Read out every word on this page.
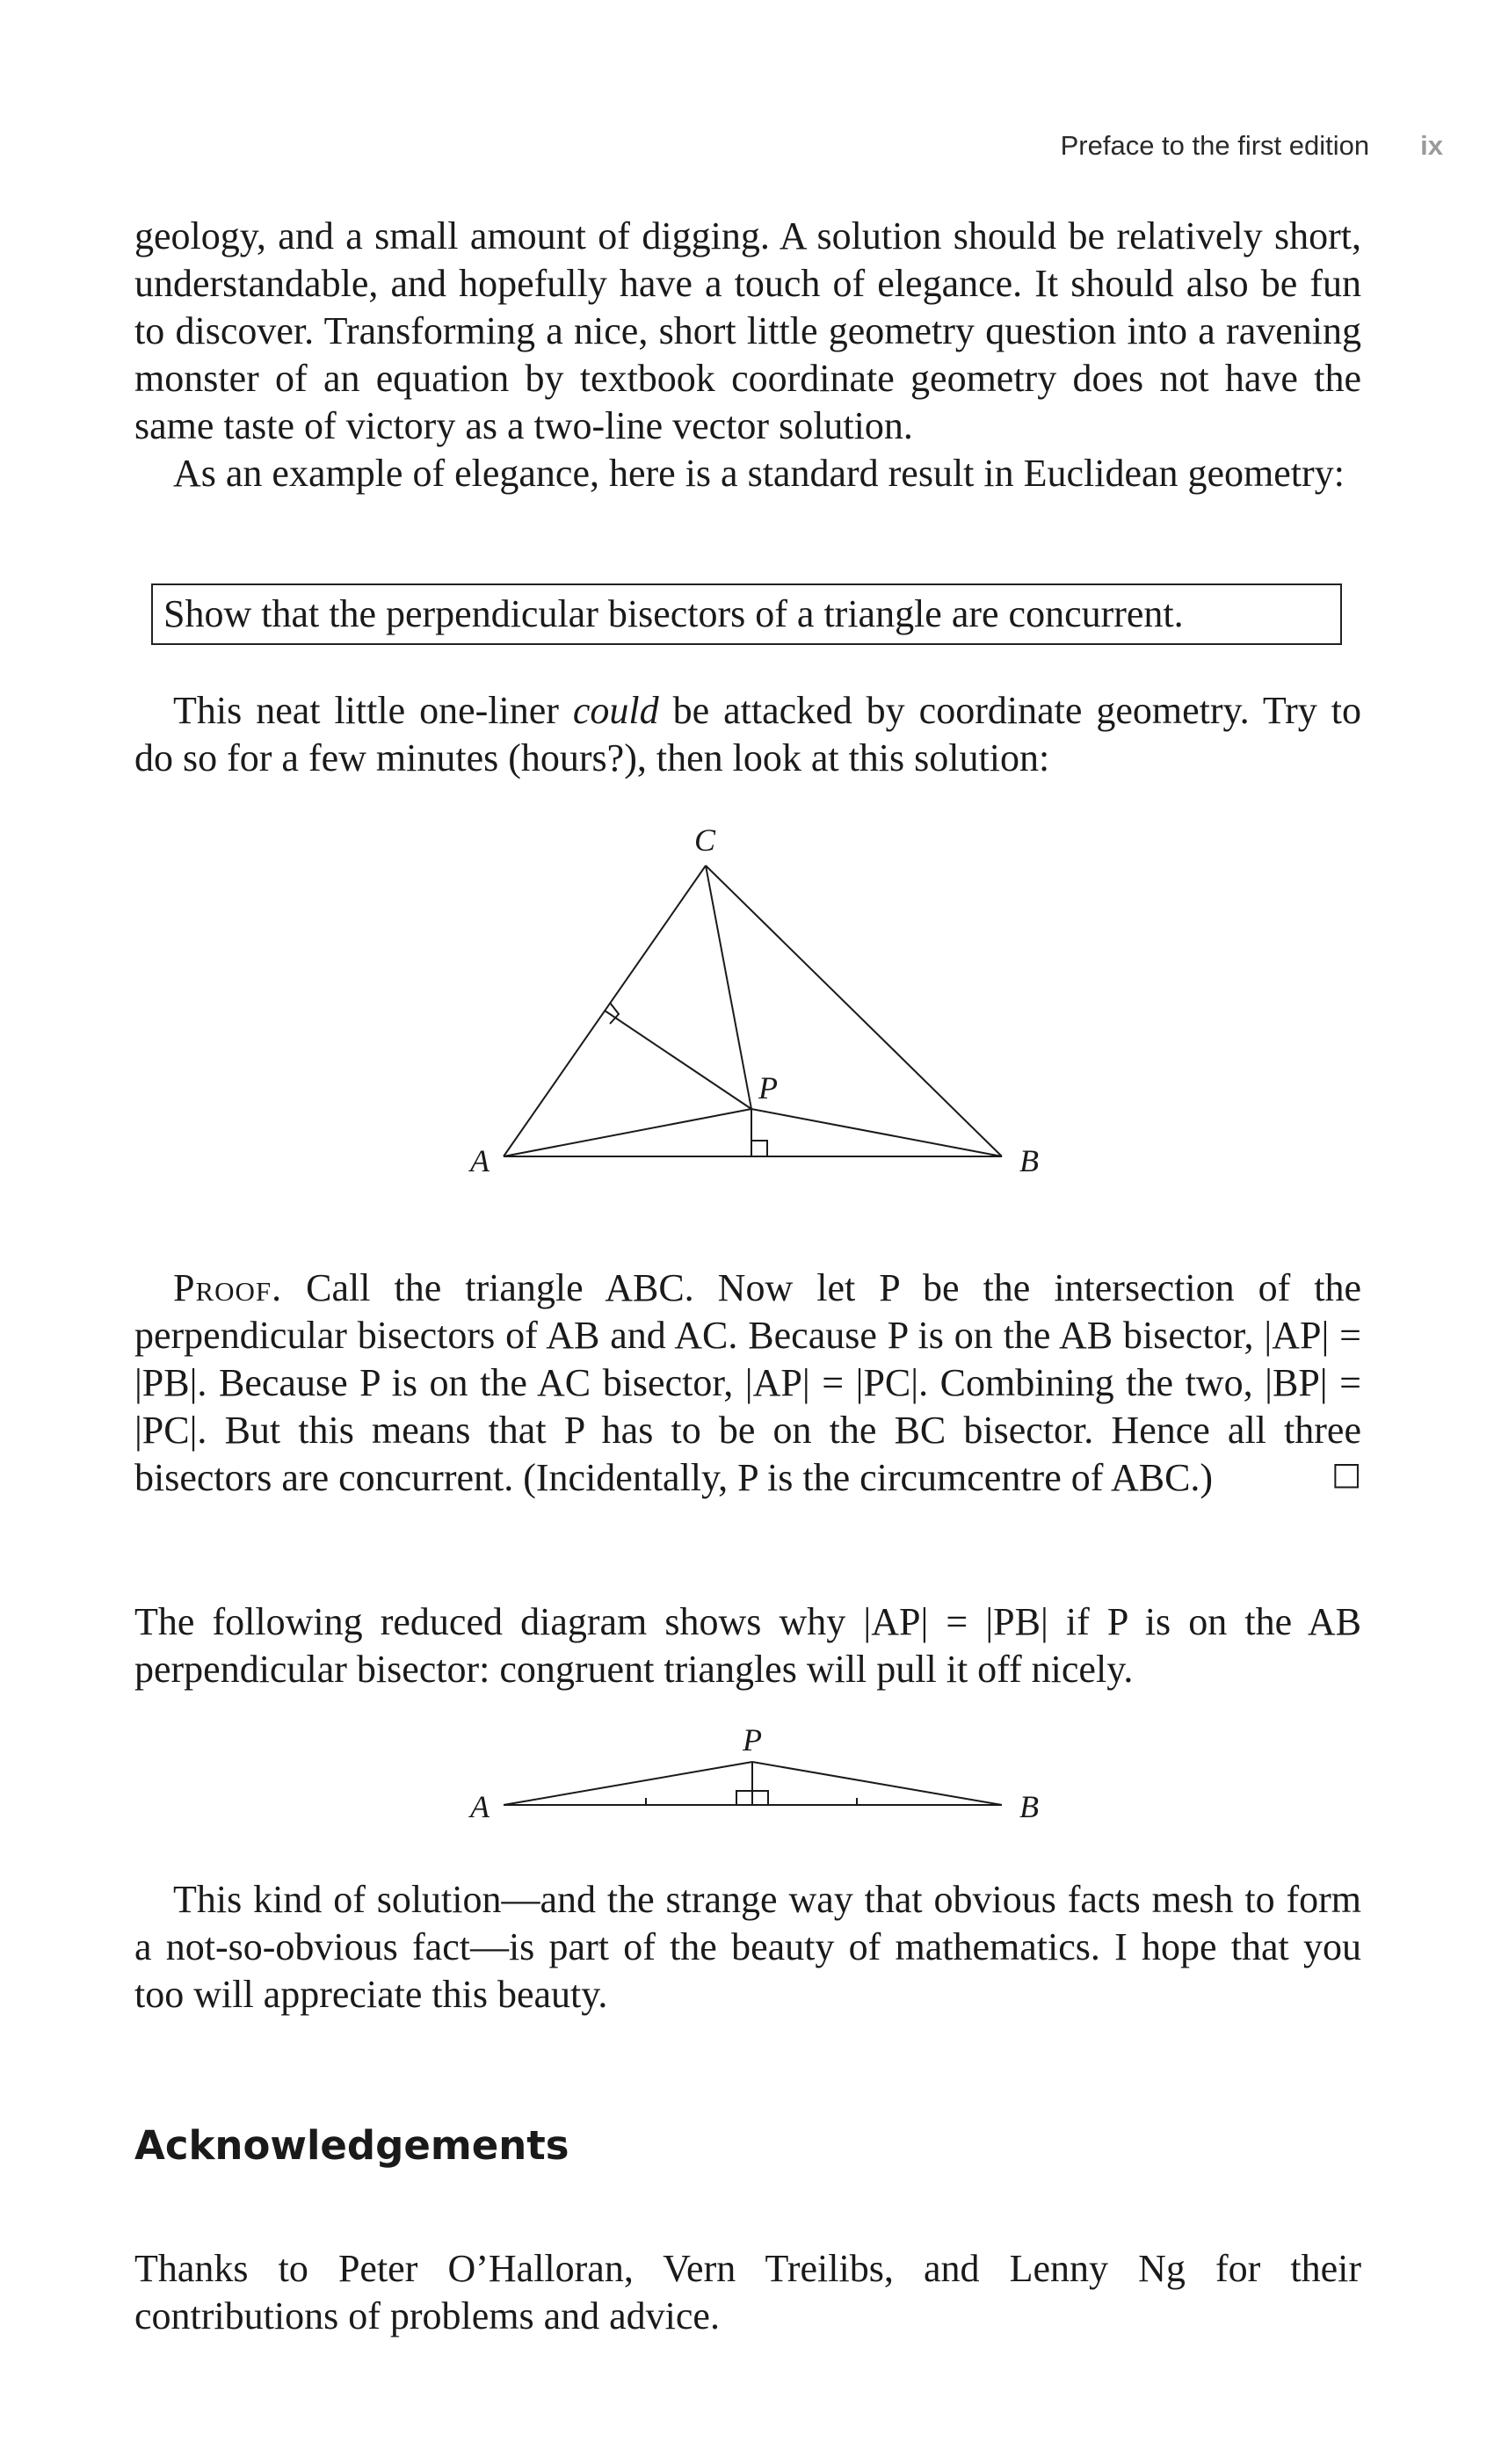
Preface to the first edition ix

geology, and a small amount of digging. A solution should be relatively short, understandable, and hopefully have a touch of elegance. It should also be fun to discover. Transforming a nice, short little geometry question into a ravening monster of an equation by textbook coordinate geometry does not have the same taste of victory as a two-line vector solution.

As an example of elegance, here is a standard result in Euclidean geometry:

Show that the perpendicular bisectors of a triangle are concurrent.

This neat little one-liner could be attacked by coordinate geometry. Try to do so for a few minutes (hours?), then look at this solution:

C
A	B
P

Proof. Call the triangle ABC. Now let P be the intersection of the perpendicular bisectors of AB and AC. Because P is on the AB bisector, |AP| = |PB|. Because P is on the AC bisector, |AP| = |PC|. Combining the two, |BP| = |PC|. But this means that P has to be on the BC bisector. Hence all three bisectors are concurrent. (Incidentally, P is the circumcentre of ABC.)	□

The following reduced diagram shows why |AP| = |PB| if P is on the AB perpendicular bisector: congruent triangles will pull it off nicely.

P
A	B

This kind of solution—and the strange way that obvious facts mesh to form a not-so-obvious fact—is part of the beauty of mathematics. I hope that you too will appreciate this beauty.

Acknowledgements

Thanks to Peter O’Halloran, Vern Treilibs, and Lenny Ng for their contributions of problems and advice.
